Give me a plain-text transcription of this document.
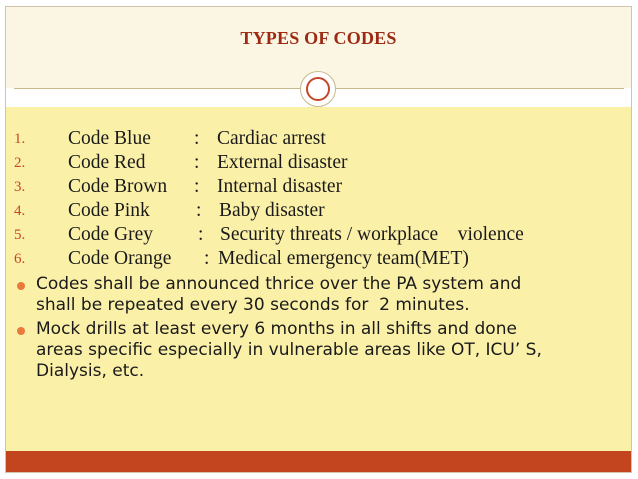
TYPES OF CODES
1. Code Blue : Cardiac arrest
2. Code Red : External disaster
3. Code Brown : Internal disaster
4. Code Pink : Baby disaster
5. Code Grey : Security threats / workplace    violence
6. Code Orange : Medical emergency team(MET)
Codes shall be announced thrice over the PA system and
shall be repeated every 30 seconds for  2 minutes.
Mock drills at least every 6 months in all shifts and done
areas specific especially in vulnerable areas like OT, ICU’ S,
Dialysis, etc.
